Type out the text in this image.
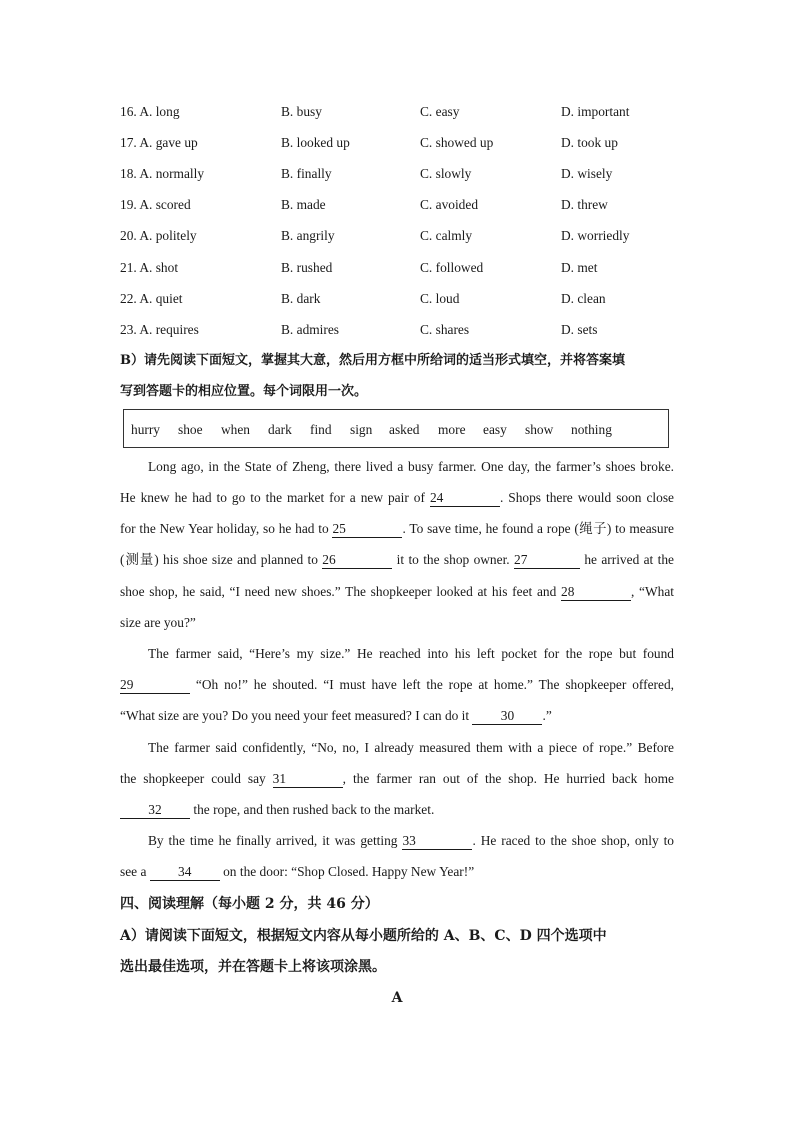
16. A. long	B. busy	C. easy	D. important
17. A. gave up	B. looked up	C. showed up	D. took up
18. A. normally	B. finally	C. slowly	D. wisely
19. A. scored	B. made	C. avoided	D. threw
20. A. politely	B. angrily	C. calmly	D. worriedly
21. A. shot	B. rushed	C. followed	D. met
22. A. quiet	B. dark	C. loud	D. clean
23. A. requires	B. admires	C. shares	D. sets
B）请先阅读下面短文，掌握其大意，然后用方框中所给词的适当形式填空，并将答案填
写到答题卡的相应位置。每个词限用一次。
hurry shoe when dark find sign asked more easy show nothing
Long ago, in the State of Zheng, there lived a busy farmer. One day, the farmer’s shoes broke.
He knew he had to go to the market for a new pair of 24	. Shops there would soon close
for the New Year holiday, so he had to 25	. To save time, he found a rope (绳子) to measure
(测量) his shoe size and planned to 26	it to the shop owner. 27	he arrived at the
shoe shop, he said, “I need new shoes.” The shopkeeper looked at his feet and 28	, “What
size are you?”
The farmer said, “Here’s my size.” He reached into his left pocket for the rope but found
29	“Oh no!” he shouted. “I must have left the rope at home.” The shopkeeper offered,
“What size are you? Do you need your feet measured? I can do it 30 .”
The farmer said confidently, “No, no, I already measured them with a piece of rope.” Before
the shopkeeper could say 31	, the farmer ran out of the shop. He hurried back home
32 the rope, and then rushed back to the market.
By the time he finally arrived, it was getting 33	. He raced to the shoe shop, only to
see a 34 on the door: “Shop Closed. Happy New Year!”
四、阅读理解（每小题 2 分，共 46 分）
A）请阅读下面短文，根据短文内容从每小题所给的 A、B、C、D 四个选项中
选出最佳选项，并在答题卡上将该项涂黑。
A
